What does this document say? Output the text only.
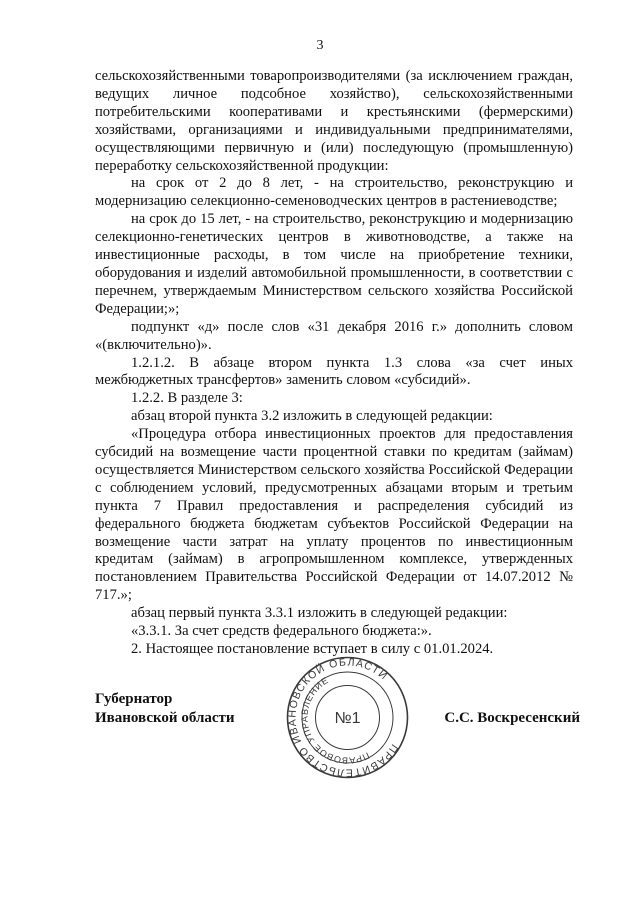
3

сельскохозяйственными товаропроизводителями (за исключением граждан, ведущих личное подсобное хозяйство), сельскохозяйственными потребительскими кооперативами и крестьянскими (фермерскими) хозяйствами, организациями и индивидуальными предпринимателями, осуществляющими первичную и (или) последующую (промышленную) переработку сельскохозяйственной продукции:

на срок от 2 до 8 лет, - на строительство, реконструкцию и модернизацию селекционно-семеноводческих центров в растениеводстве;

на срок до 15 лет, - на строительство, реконструкцию и модернизацию селекционно-генетических центров в животноводстве, а также на инвестиционные расходы, в том числе на приобретение техники, оборудования и изделий автомобильной промышленности, в соответствии с перечнем, утверждаемым Министерством сельского хозяйства Российской Федерации;»;

подпункт «д» после слов «31 декабря 2016 г.» дополнить словом «(включительно)».

1.2.1.2. В абзаце втором пункта 1.3 слова «за счет иных межбюджетных трансфертов» заменить словом «субсидий».

1.2.2. В разделе 3:

абзац второй пункта 3.2 изложить в следующей редакции:

«Процедура отбора инвестиционных проектов для предоставления субсидий на возмещение части процентной ставки по кредитам (займам) осуществляется Министерством сельского хозяйства Российской Федерации с соблюдением условий, предусмотренных абзацами вторым и третьим пункта 7 Правил предоставления и распределения субсидий из федерального бюджета бюджетам субъектов Российской Федерации на возмещение части затрат на уплату процентов по инвестиционным кредитам (займам) в агропромышленном комплексе, утвержденных постановлением Правительства Российской Федерации от 14.07.2012 № 717.»;

абзац первый пункта 3.3.1 изложить в следующей редакции:

«3.3.1. За счет средств федерального бюджета:».

2. Настоящее постановление вступает в силу с 01.01.2024.

Губернатор
Ивановской области	С.С. Воскресенский
ПРАВИТЕЛЬСТВО ИВАНОВСКОЙ ОБЛАСТИ
ПРАВОВОЕ УПРАВЛЕНИЕ
№1
